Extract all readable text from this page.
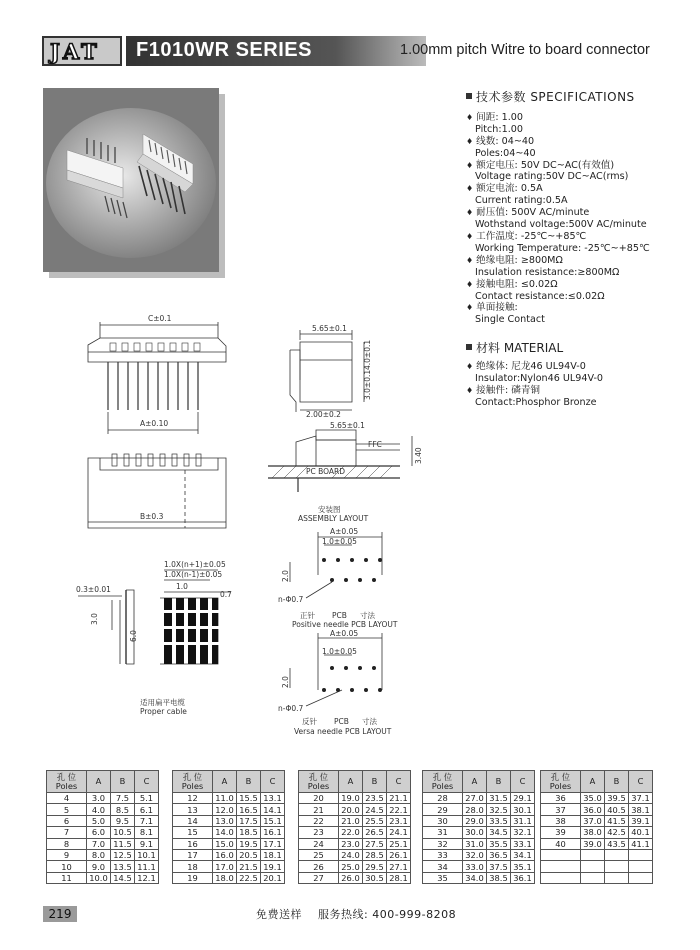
JAT F1010WR SERIES	1.00mm pitch Witre to board connector
技术参数 SPECIFICATIONS
♦ 间距: 1.00
Pitch:1.00
♦ 线数: 04~40
Poles:04~40
♦ 额定电压: 50V DC~AC(有效值)
Voltage rating:50V DC~AC(rms)
♦ 额定电流: 0.5A
Current rating:0.5A
♦ 耐压值: 500V AC/minute
Wothstand voltage:500V AC/minute
♦ 工作温度: -25℃~+85℃
Working Temperature: -25℃~+85℃
♦ 绝缘电阻: ≥800MΩ
Insulation resistance:≥800MΩ
♦ 接触电阻: ≤0.02Ω
Contact resistance:≤0.02Ω
♦ 单面接触:
Single Contact
材料 MATERIAL
♦ 绝缘体: 尼龙46 UL94V-0
Insulator:Nylon46 UL94V-0
♦ 接触件: 磷青铜
Contact:Phosphor Bronze
C±0.1
A±0.10
B±0.3
5.65±0.1
2.00±0.2
5.65±0.1
3.0±0.1
4.0±0.1
3.40
FFC
PC BOARD
安装图
ASSEMBLY LAYOUT
1.0X(n+1)±0.05
1.0X(n-1)±0.05
1.0
0.7
0.3±0.01
3.0
6.0
适用扁平电缆
Proper cable
A±0.05
1.0±0.05
2.0
n-Φ0.7
正针 PCB 寸法
Positive needle PCB LAYOUT
A±0.05
1.0±0.05
2.0
n-Φ0.7
反针 PCB 寸法
Versa needle PCB LAYOUT
孔 位
Poles	A	B	C
4	3.0	7.5	5.1
5	4.0	8.5	6.1
6	5.0	9.5	7.1
7	6.0	10.5	8.1
8	7.0	11.5	9.1
9	8.0	12.5	10.1
10	9.0	13.5	11.1
11	10.0	14.5	12.1
孔 位
Poles	A	B	C
12	11.0	15.5	13.1
13	12.0	16.5	14.1
14	13.0	17.5	15.1
15	14.0	18.5	16.1
16	15.0	19.5	17.1
17	16.0	20.5	18.1
18	17.0	21.5	19.1
19	18.0	22.5	20.1
孔 位
Poles	A	B	C
20	19.0	23.5	21.1
21	20.0	24.5	22.1
22	21.0	25.5	23.1
23	22.0	26.5	24.1
24	23.0	27.5	25.1
25	24.0	28.5	26.1
26	25.0	29.5	27.1
27	26.0	30.5	28.1
孔 位
Poles	A	B	C
28	27.0	31.5	29.1
29	28.0	32.5	30.1
30	29.0	33.5	31.1
31	30.0	34.5	32.1
32	31.0	35.5	33.1
33	32.0	36.5	34.1
34	33.0	37.5	35.1
35	34.0	38.5	36.1
孔 位
Poles	A	B	C
36	35.0	39.5	37.1
37	36.0	40.5	38.1
38	37.0	41.5	39.1
39	38.0	42.5	40.1
40	39.0	43.5	41.1

219	免费送样 服务热线: 400-999-8208
